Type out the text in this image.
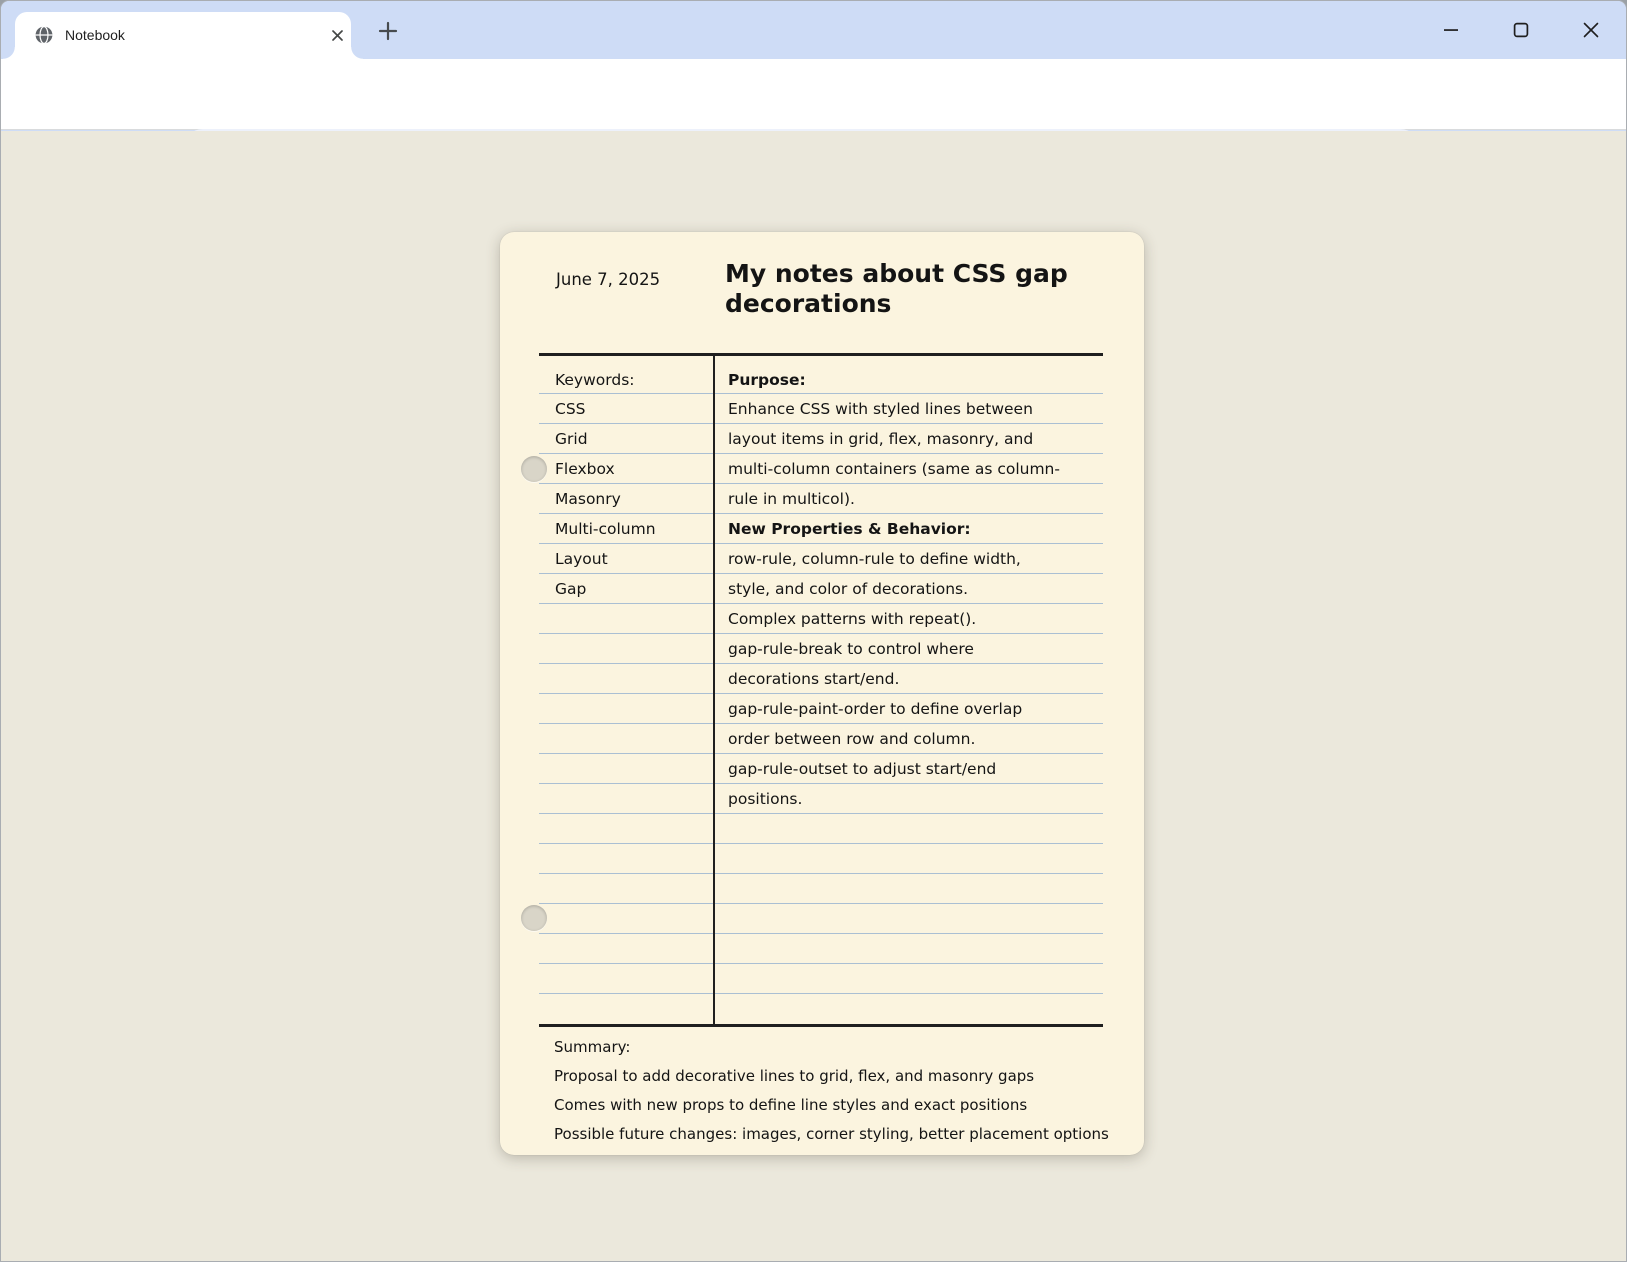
Notebook
June 7, 2025	My notes about CSS gap decorations
Keywords:
CSS
Grid
Flexbox
Masonry
Multi-column
Layout
Gap
Purpose:
Enhance CSS with styled lines between
layout items in grid, flex, masonry, and
multi-column containers (same as column-
rule in multicol).
New Properties & Behavior:
row-rule, column-rule to define width,
style, and color of decorations.
Complex patterns with repeat().
gap-rule-break to control where
decorations start/end.
gap-rule-paint-order to define overlap
order between row and column.
gap-rule-outset to adjust start/end
positions.
Summary:
Proposal to add decorative lines to grid, flex, and masonry gaps
Comes with new props to define line styles and exact positions
Possible future changes: images, corner styling, better placement options
